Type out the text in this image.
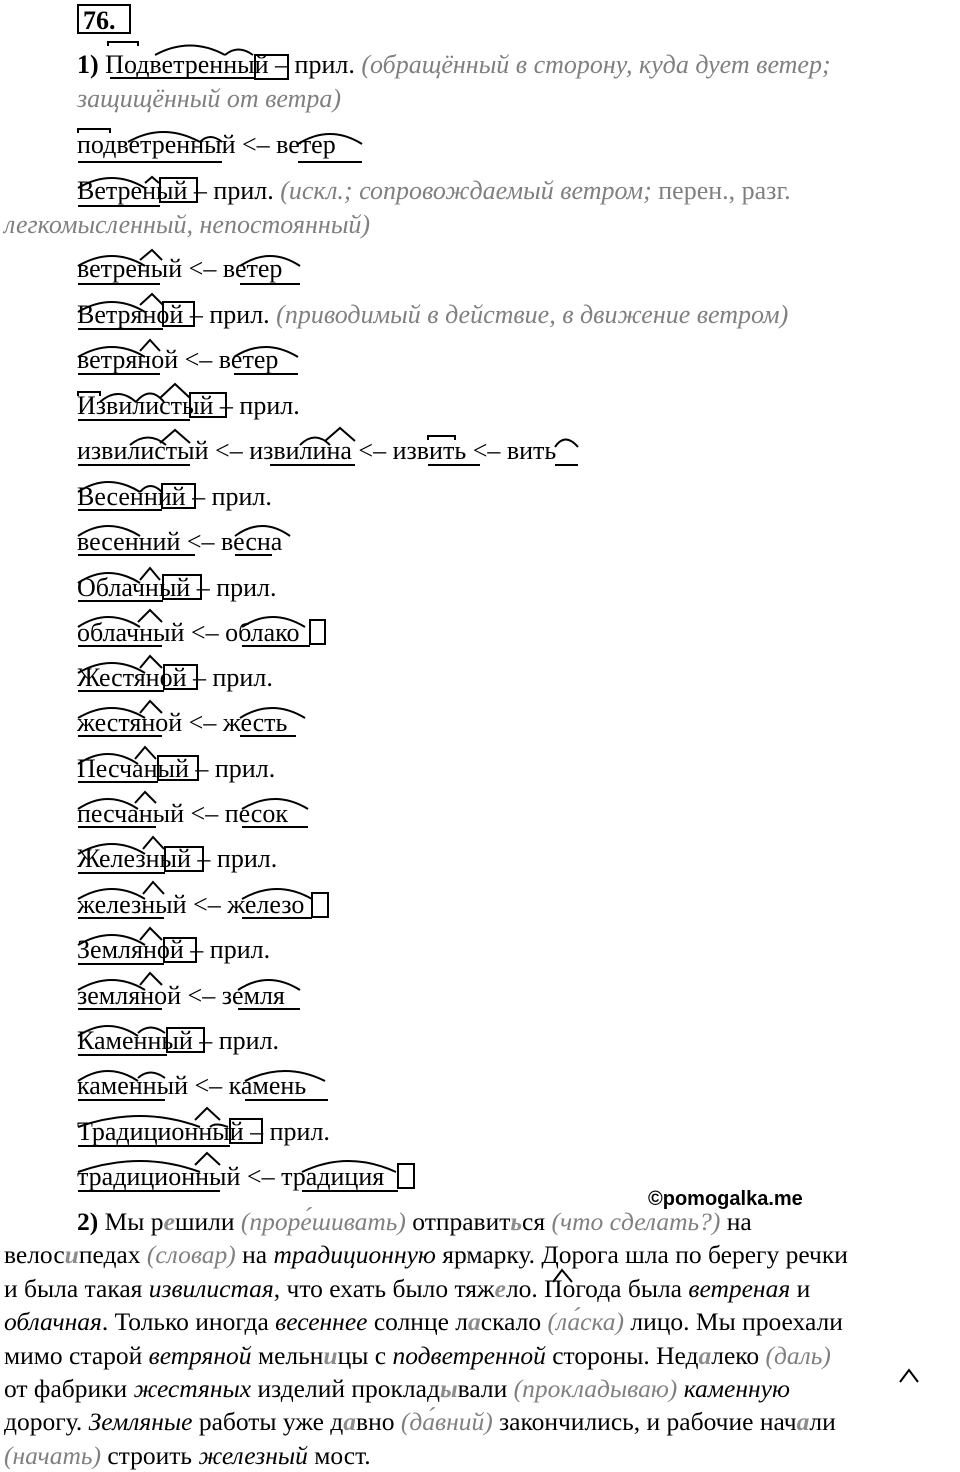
76.
1) Подветренный – прил. (обращённый в сторону, куда дует ветер; защищённый от ветра)
подветренный <– ветер
Ветреный – прил. (искл.; сопровождаемый ветром; перен., разг.
легкомысленный, непостоянный)
ветреный <– ветер
Ветряной – прил. (приводимый в действие, в движение ветром)
ветряной <– ветер
Извилистый – прил.
извилистый <– извилина <– извить <– вить
Весенний – прил.
весенний <– весна
Облачный – прил.
облачный <– облако
Жестяной – прил.
жестяной <– жесть
Песчаный – прил.
песчаный <– песок
Железный – прил.
железный <– железо
Земляной – прил.
земляной <– земля
Каменный – прил.
каменный <– камень
Традиционный – прил.
традиционный <– традиция
©pomogalka.me
2) Мы решили (проре́шивать) отправиться (что сделать?) на
велосипедах (словар) на традиционную ярмарку. Дорога шла по берегу речки
и была такая извилистая, что ехать было тяжело. Погода была ветреная и
облачная. Только иногда весеннее солнце ласкало (ла́ска) лицо. Мы проехали
мимо старой ветряной мельницы с подветренной стороны. Недалеко (даль)
от фабрики жестяных изделий прокладывали (прокладываю) каменную
дорогу. Земляные работы уже давно (да́вний) закончились, и рабочие начали
(начать) строить железный мост.
